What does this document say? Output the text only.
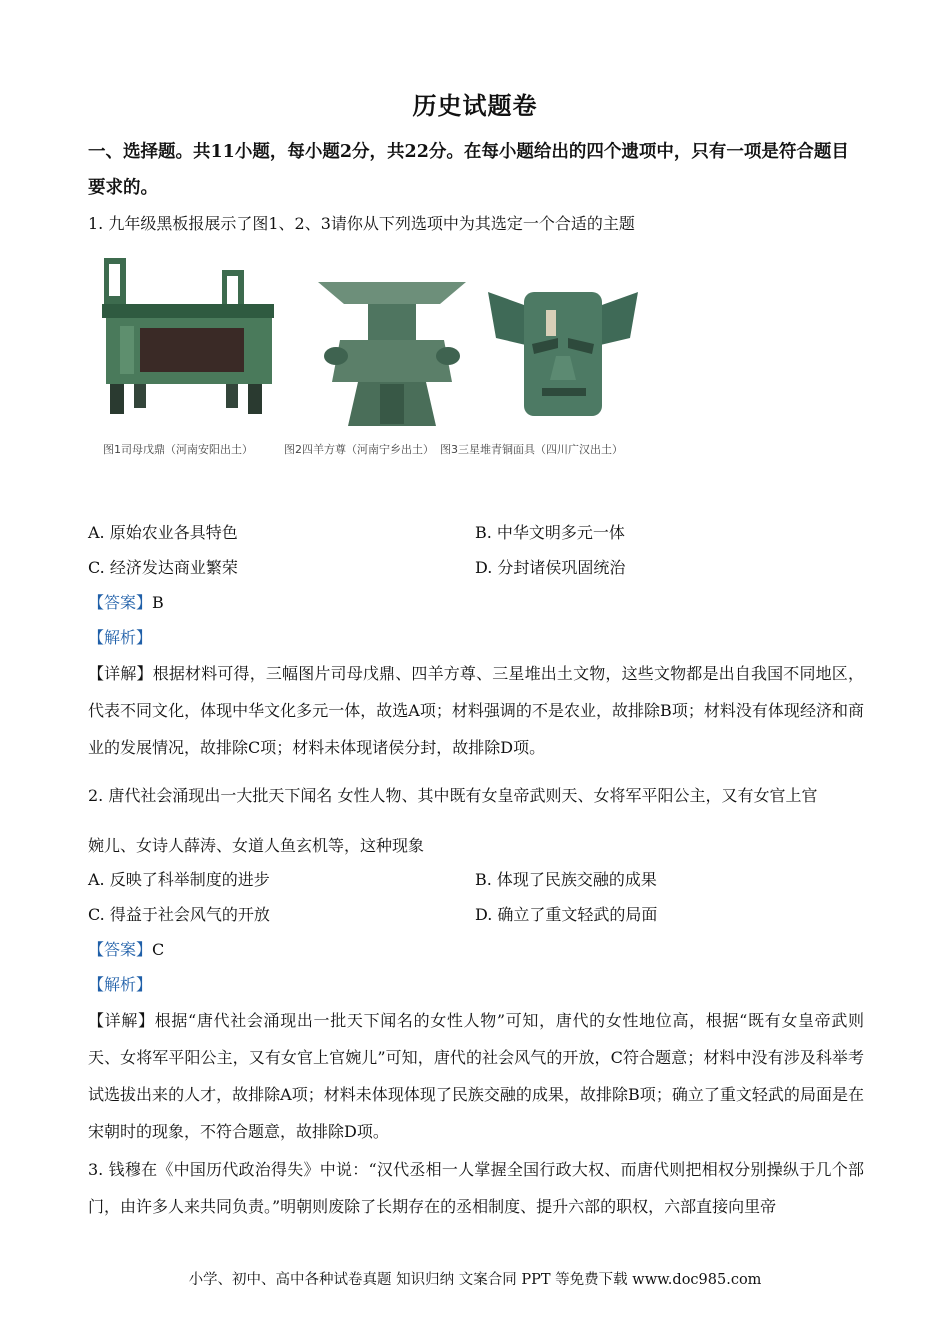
历史试题卷
一、选择题。共11小题，每小题2分，共22分。在每小题给出的四个遗项中，只有一项是符合题目要求的。
1. 九年级黑板报展示了图1、2、3请你从下列选项中为其选定一个合适的主题
图1司母戊鼎（河南安阳出土）	图2四羊方尊（河南宁乡出土） 图3三星堆青铜面具（四川广汉出土）
A. 原始农业各具特色	B. 中华文明多元一体
C. 经济发达商业繁荣	D. 分封诸侯巩固统治
【答案】B
【解析】
【详解】根据材料可得，三幅图片司母戊鼎、四羊方尊、三星堆出土文物，这些文物都是出自我国不同地区，代表不同文化，体现中华文化多元一体，故选A项；材料强调的不是农业，故排除B项；材料没有体现经济和商业的发展情况，故排除C项；材料未体现诸侯分封，故排除D项。
2. 唐代社会涌现出一大批天下闻名 女性人物、其中既有女皇帝武则天、女将军平阳公主，又有女官上官
婉儿、女诗人薛涛、女道人鱼玄机等，这种现象
A. 反映了科举制度的进步	B. 体现了民族交融的成果
C. 得益于社会风气的开放	D. 确立了重文轻武的局面
【答案】C
【解析】
【详解】根据“唐代社会涌现出一批天下闻名的女性人物”可知，唐代的女性地位高，根据“既有女皇帝武则天、女将军平阳公主，又有女官上官婉儿”可知，唐代的社会风气的开放，C符合题意；材料中没有涉及科举考试选拔出来的人才，故排除A项；材料未体现体现了民族交融的成果，故排除B项；确立了重文轻武的局面是在宋朝时的现象，不符合题意，故排除D项。
3. 钱穆在《中国历代政治得失》中说：“汉代丞相一人掌握全国行政大权、而唐代则把相权分别操纵于几个部门，由许多人来共同负责。”明朝则废除了长期存在的丞相制度、提升六部的职权，六部直接向里帝
小学、初中、高中各种试卷真题 知识归纳 文案合同 PPT 等免费下载 www.doc985.com
